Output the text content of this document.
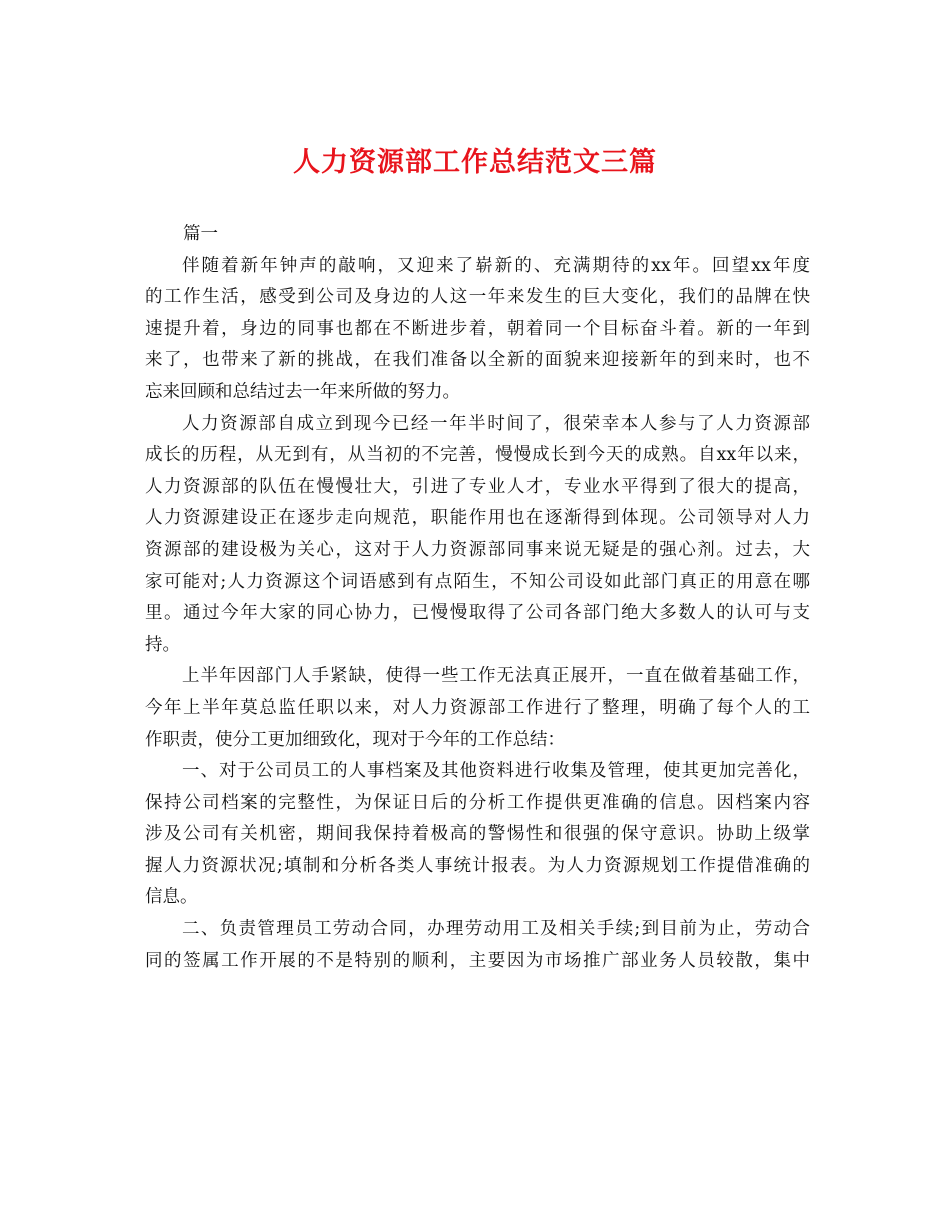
人力资源部工作总结范文三篇

篇一

伴随着新年钟声的敲响，又迎来了崭新的、充满期待的xx年。回望xx年度
的工作生活，感受到公司及身边的人这一年来发生的巨大变化，我们的品牌在快
速提升着，身边的同事也都在不断进步着，朝着同一个目标奋斗着。新的一年到
来了，也带来了新的挑战，在我们准备以全新的面貌来迎接新年的到来时，也不
忘来回顾和总结过去一年来所做的努力。

人力资源部自成立到现今已经一年半时间了，很荣幸本人参与了人力资源部
成长的历程，从无到有，从当初的不完善，慢慢成长到今天的成熟。自xx年以来，
人力资源部的队伍在慢慢壮大，引进了专业人才，专业水平得到了很大的提高，
人力资源建设正在逐步走向规范，职能作用也在逐渐得到体现。公司领导对人力
资源部的建设极为关心，这对于人力资源部同事来说无疑是的强心剂。过去，大
家可能对;人力资源这个词语感到有点陌生，不知公司设如此部门真正的用意在哪
里。通过今年大家的同心协力，已慢慢取得了公司各部门绝大多数人的认可与支
持。

上半年因部门人手紧缺，使得一些工作无法真正展开，一直在做着基础工作，
今年上半年莫总监任职以来，对人力资源部工作进行了整理，明确了每个人的工
作职责，使分工更加细致化，现对于今年的工作总结：

一、对于公司员工的人事档案及其他资料进行收集及管理，使其更加完善化，
保持公司档案的完整性，为保证日后的分析工作提供更准确的信息。因档案内容
涉及公司有关机密，期间我保持着极高的警惕性和很强的保守意识。协助上级掌
握人力资源状况;填制和分析各类人事统计报表。为人力资源规划工作提借准确的
信息。

二、负责管理员工劳动合同，办理劳动用工及相关手续;到目前为止，劳动合
同的签属工作开展的不是特别的顺利，主要因为市场推广部业务人员较散，集中
